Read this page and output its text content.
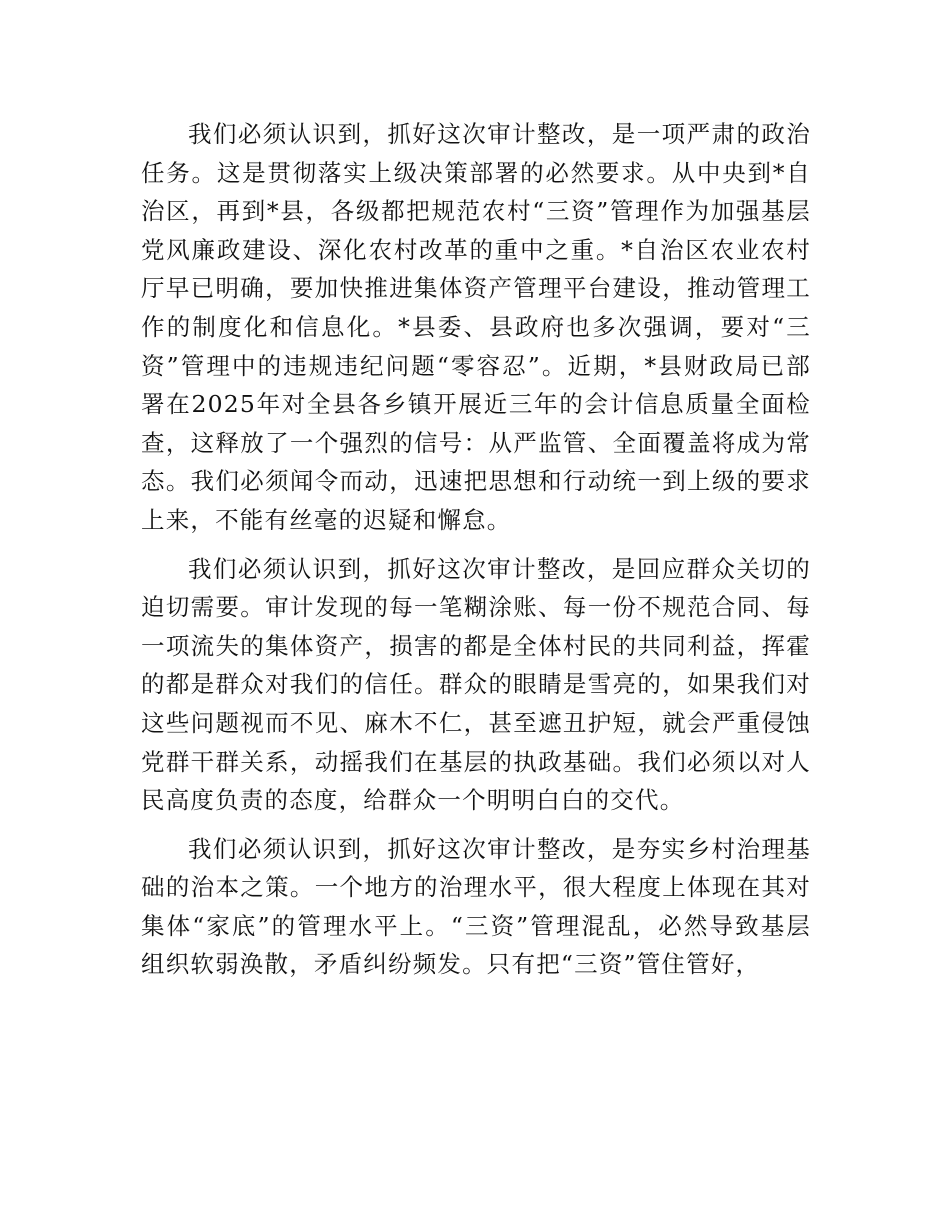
我们必须认识到，抓好这次审计整改，是一项严肃的政治任务。这是贯彻落实上级决策部署的必然要求。从中央到*自治区，再到*县，各级都把规范农村“三资”管理作为加强基层党风廉政建设、深化农村改革的重中之重。*自治区农业农村厅早已明确，要加快推进集体资产管理平台建设，推动管理工作的制度化和信息化。*县委、县政府也多次强调，要对“三资”管理中的违规违纪问题“零容忍”。近期，*县财政局已部署在2025年对全县各乡镇开展近三年的会计信息质量全面检查，这释放了一个强烈的信号：从严监管、全面覆盖将成为常态。我们必须闻令而动，迅速把思想和行动统一到上级的要求上来，不能有丝毫的迟疑和懈怠。

我们必须认识到，抓好这次审计整改，是回应群众关切的迫切需要。审计发现的每一笔糊涂账、每一份不规范合同、每一项流失的集体资产，损害的都是全体村民的共同利益，挥霍的都是群众对我们的信任。群众的眼睛是雪亮的，如果我们对这些问题视而不见、麻木不仁，甚至遮丑护短，就会严重侵蚀党群干群关系，动摇我们在基层的执政基础。我们必须以对人民高度负责的态度，给群众一个明明白白的交代。

我们必须认识到，抓好这次审计整改，是夯实乡村治理基础的治本之策。一个地方的治理水平，很大程度上体现在其对集体“家底”的管理水平上。“三资”管理混乱，必然导致基层组织软弱涣散，矛盾纠纷频发。只有把“三资”管住管好，
